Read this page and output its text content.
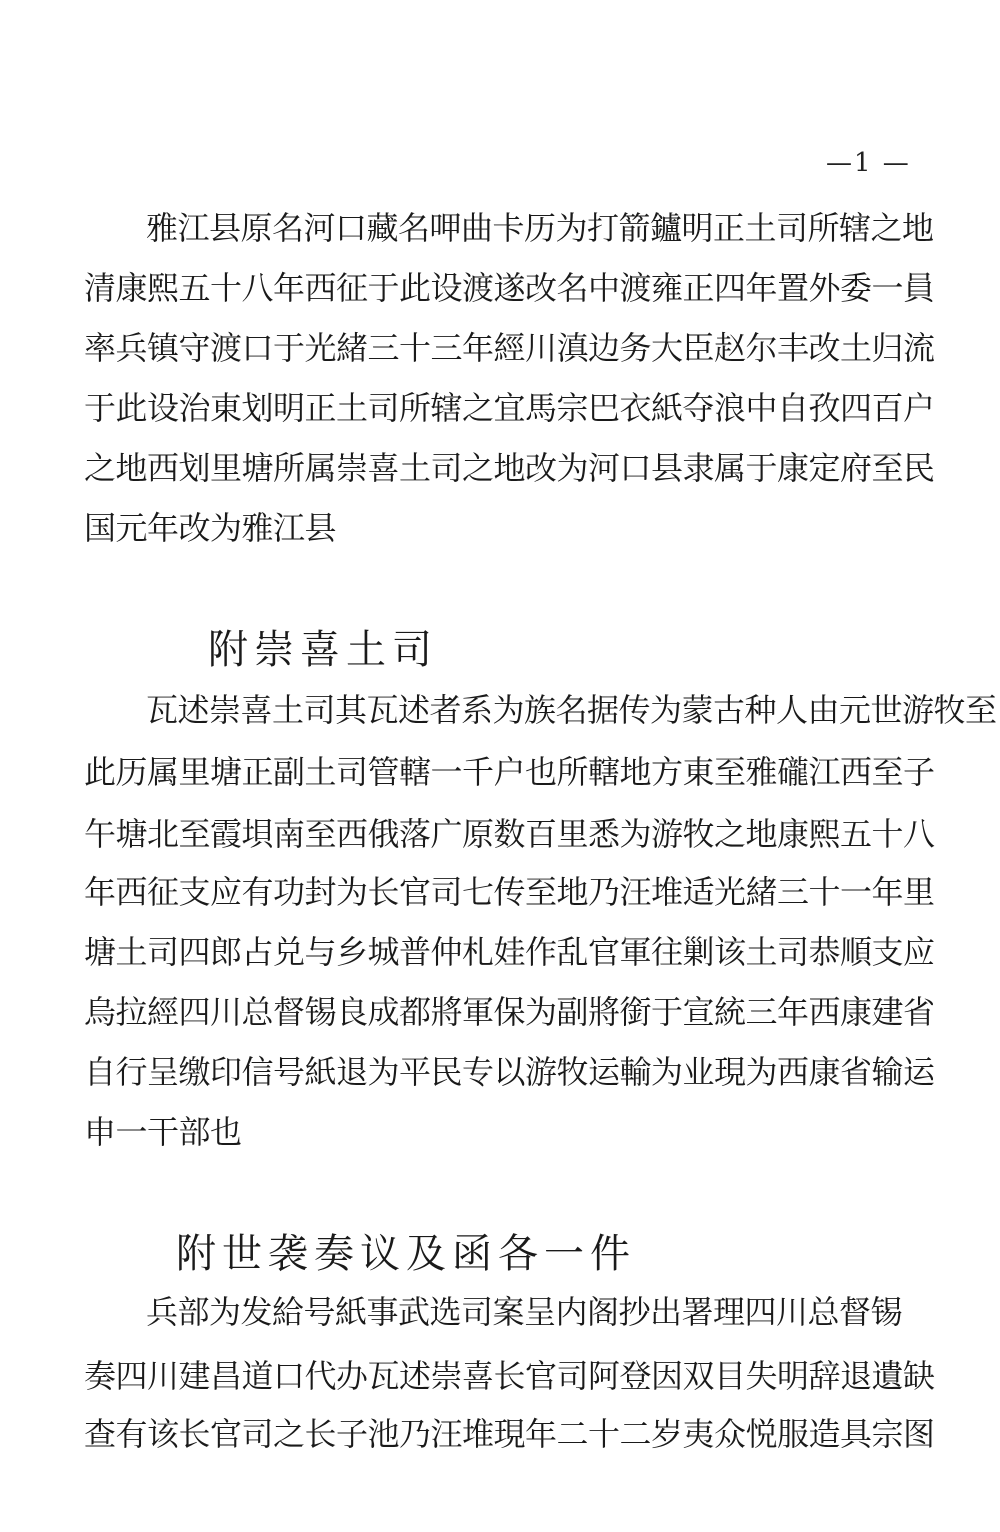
—1 —
雅江县原名河口藏名呷曲卡历为打箭鑪明正土司所辖之地
清康熙五十八年西征于此设渡遂改名中渡雍正四年置外委一員
率兵镇守渡口于光緒三十三年經川滇边务大臣赵尔丰改土归流
于此设治東划明正土司所辖之宜馬宗巴衣紙夺浪中自孜四百户
之地西划里塘所属崇喜土司之地改为河口县隶属于康定府至民
国元年改为雅江县
附崇喜土司
瓦述崇喜土司其瓦述者系为族名据传为蒙古种人由元世游牧至
此历属里塘正副土司管轄一千户也所轄地方東至雅礲江西至子
午塘北至霞垻南至西俄落广原数百里悉为游牧之地康熙五十八
年西征支应有功封为长官司七传至地乃汪堆适光緒三十一年里
塘土司四郎占兑与乡城普仲札娃作乱官軍往剿该土司恭順支应
烏拉經四川总督锡良成都將軍保为副將銜于宣統三年西康建省
自行呈缴印信号紙退为平民专以游牧运輸为业現为西康省输运
申一干部也
附世袭奏议及函各一件
兵部为发給号紙事武选司案呈内阁抄出署理四川总督锡
奏四川建昌道口代办瓦述崇喜长官司阿登因双目失明辞退遺缺
查有该长官司之长子池乃汪堆現年二十二岁夷众悦服造具宗图
